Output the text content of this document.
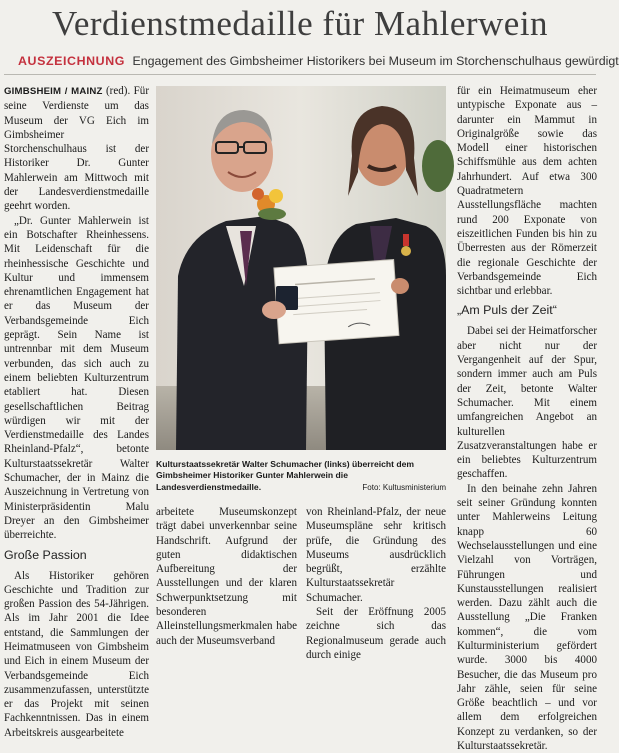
Verdienstmedaille für Mahlerwein
AUSZEICHNUNG Engagement des Gimbsheimer Historikers bei Museum im Storchenschulhaus gewürdigt

GIMBSHEIM / MAINZ (red). Für seine Verdienste um das Museum der VG Eich im Gimbsheimer Storchenschulhaus ist der Historiker Dr. Gunter Mahlerwein am Mittwoch mit der Landesverdienstmedaille geehrt worden.

„Dr. Gunter Mahlerwein ist ein Botschafter Rheinhessens. Mit Leidenschaft für die rheinhessische Geschichte und Kultur und immensem ehrenamtlichen Engagement hat er das Museum der Verbandsgemeinde Eich geprägt. Sein Name ist untrennbar mit dem Museum verbunden, das sich auch zu einem beliebten Kulturzentrum etabliert hat. Diesen gesellschaftlichen Beitrag würdigen wir mit der Verdienstmedaille des Landes Rheinland-Pfalz“, betonte Kulturstaatssekretär Walter Schumacher, der in Mainz die Auszeichnung in Vertretung von Ministerpräsidentin Malu Dreyer an den Gimbsheimer überreichte.

Große Passion

Als Historiker gehören Geschichte und Tradition zur großen Passion des 54-Jährigen. Als im Jahr 2001 die Idee entstand, die Sammlungen der Heimatmuseen von Gimbsheim und Eich in einem Museum der Verbandsgemeinde Eich zusammenzufassen, unterstützte er das Projekt mit seinen Fachkenntnissen. Das in einem Arbeitskreis ausgearbeitete

Kulturstaatssekretär Walter Schumacher (links) überreicht dem Gimbsheimer Historiker Gunter Mahlerwein die Landesverdienstmedaille.	Foto: Kultusministerium

arbeitete Museumskonzept trägt dabei unverkennbar seine Handschrift. Aufgrund der guten didaktischen Aufbereitung der Ausstellungen und der klaren Schwerpunktsetzung mit besonderen Alleinstellungsmerkmalen habe auch der Museumsverband

von Rheinland-Pfalz, der neue Museumspläne sehr kritisch prüfe, die Gründung des Museums ausdrücklich begrüßt, erzählte Kulturstaatssekretär Schumacher.

Seit der Eröffnung 2005 zeichne sich das Regionalmuseum gerade auch durch einige

für ein Heimatmuseum eher untypische Exponate aus – darunter ein Mammut in Originalgröße sowie das Modell einer historischen Schiffsmühle aus dem achten Jahrhundert. Auf etwa 300 Quadratmetern Ausstellungsfläche machten rund 200 Exponate von eiszeitlichen Funden bis hin zu Überresten aus der Römerzeit die regionale Geschichte der Verbandsgemeinde Eich sichtbar und erlebbar.

„Am Puls der Zeit“

Dabei sei der Heimatforscher aber nicht nur der Vergangenheit auf der Spur, sondern immer auch am Puls der Zeit, betonte Walter Schumacher. Mit einem umfangreichen Angebot an kulturellen Zusatzveranstaltungen habe er ein beliebtes Kulturzentrum geschaffen.

In den beinahe zehn Jahren seit seiner Gründung konnten unter Mahlerweins Leitung knapp 60 Wechselausstellungen und eine Vielzahl von Vorträgen, Führungen und Kunstausstellungen realisiert werden. Dazu zählt auch die Ausstellung „Die Franken kommen“, die vom Kulturministerium gefördert wurde. 3000 bis 4000 Besucher, die das Museum pro Jahr zähle, seien für seine Größe beachtlich – und vor allem dem erfolgreichen Konzept zu verdanken, so der Kulturstaatssekretär.
